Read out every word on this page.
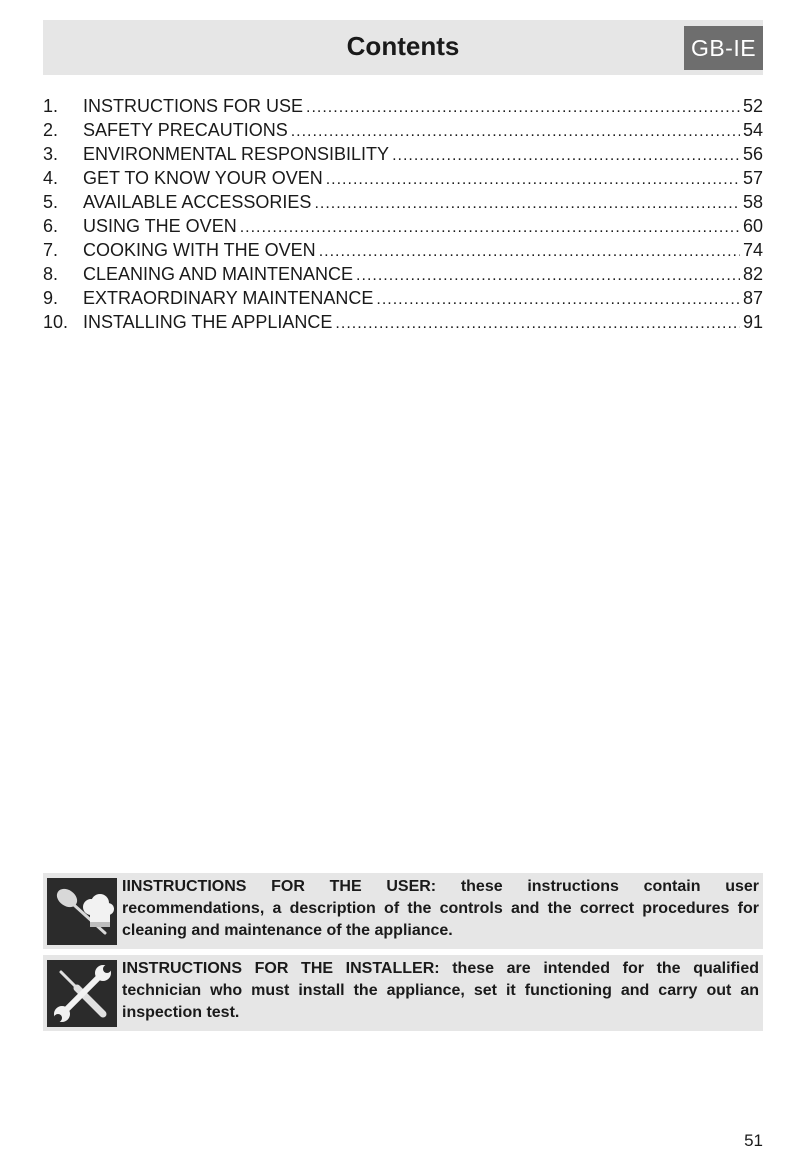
Contents	GB-IE
1.	INSTRUCTIONS FOR USE .....	52
2.	SAFETY PRECAUTIONS .....	54
3.	ENVIRONMENTAL RESPONSIBILITY .....	56
4.	GET TO KNOW YOUR OVEN .....	57
5.	AVAILABLE ACCESSORIES .....	58
6.	USING THE OVEN .....	60
7.	COOKING WITH THE OVEN .....	74
8.	CLEANING AND MAINTENANCE .....	82
9.	EXTRAORDINARY MAINTENANCE .....	87
10. INSTALLING THE APPLIANCE .....	91
IINSTRUCTIONS FOR THE USER: these instructions contain user recommendations, a description of the controls and the correct procedures for cleaning and maintenance of the appliance.
INSTRUCTIONS FOR THE INSTALLER: these are intended for the qualified technician who must install the appliance, set it functioning and carry out an inspection test.
51
